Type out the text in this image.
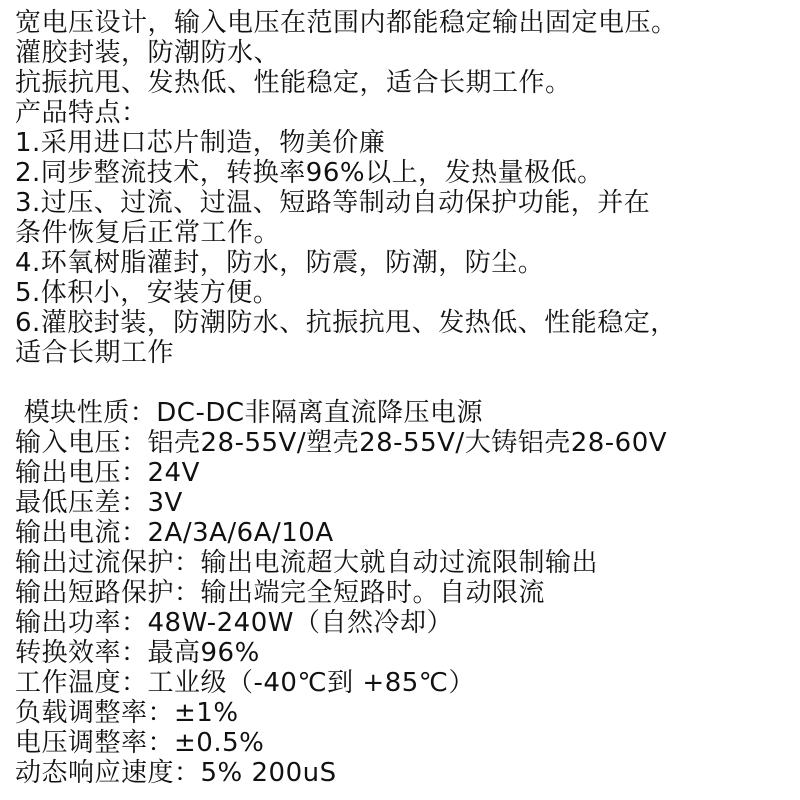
宽电压设计，输入电压在范围内都能稳定输出固定电压。
灌胶封装，防潮防水、
抗振抗甩、发热低、性能稳定，适合长期工作。
产品特点：
1.采用进口芯片制造，物美价廉
2.同步整流技术，转换率96%以上，发热量极低。
3.过压、过流、过温、短路等制动自动保护功能，并在
条件恢复后正常工作。
4.环氧树脂灌封，防水，防震，防潮，防尘。
5.体积小，安装方便。
6.灌胶封装，防潮防水、抗振抗甩、发热低、性能稳定，
适合长期工作
模块性质：DC-DC非隔离直流降压电源
输入电压：铝壳28-55V/塑壳28-55V/大铸铝壳28-60V
输出电压：24V
最低压差：3V
输出电流：2A/3A/6A/10A
输出过流保护：输出电流超大就自动过流限制输出
输出短路保护：输出端完全短路时。自动限流
输出功率：48W-240W（自然冷却）
转换效率：最高96%
工作温度：工业级（-40℃到 +85℃）
负载调整率：±1%
电压调整率：±0.5%
动态响应速度：5% 200uS
